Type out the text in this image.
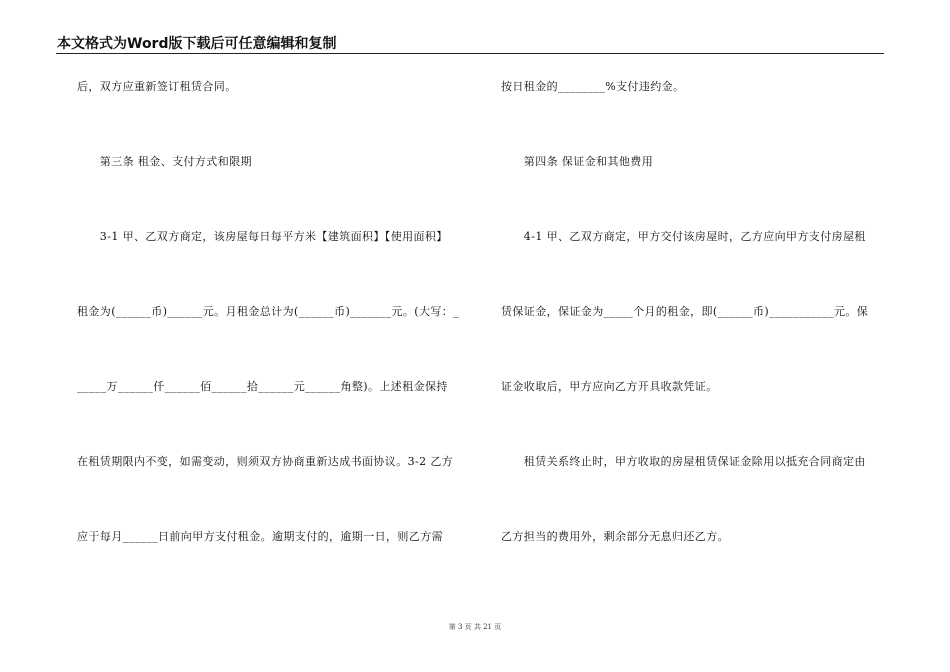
本文格式为Word版下载后可任意编辑和复制
后，双方应重新签订租赁合同。
　　第三条 租金、支付方式和限期
　　3-1 甲、乙双方商定，该房屋每日每平方米【建筑面积】【使用面积】
租金为(______币)______元。月租金总计为(______币)_______元。(大写：_
_____万______仟______佰______拾______元______角整)。上述租金保持
在租赁期限内不变，如需变动，则须双方协商重新达成书面协议。3-2 乙方
应于每月______日前向甲方支付租金。逾期支付的，逾期一日，则乙方需
按日租金的________%支付违约金。
　　第四条 保证金和其他费用
　　4-1 甲、乙双方商定，甲方交付该房屋时，乙方应向甲方支付房屋租
赁保证金，保证金为_____个月的租金，即(______币)___________元。保
证金收取后，甲方应向乙方开具收款凭证。
　　租赁关系终止时，甲方收取的房屋租赁保证金除用以抵充合同商定由
乙方担当的费用外，剩余部分无息归还乙方。
第 3 页 共 21 页
